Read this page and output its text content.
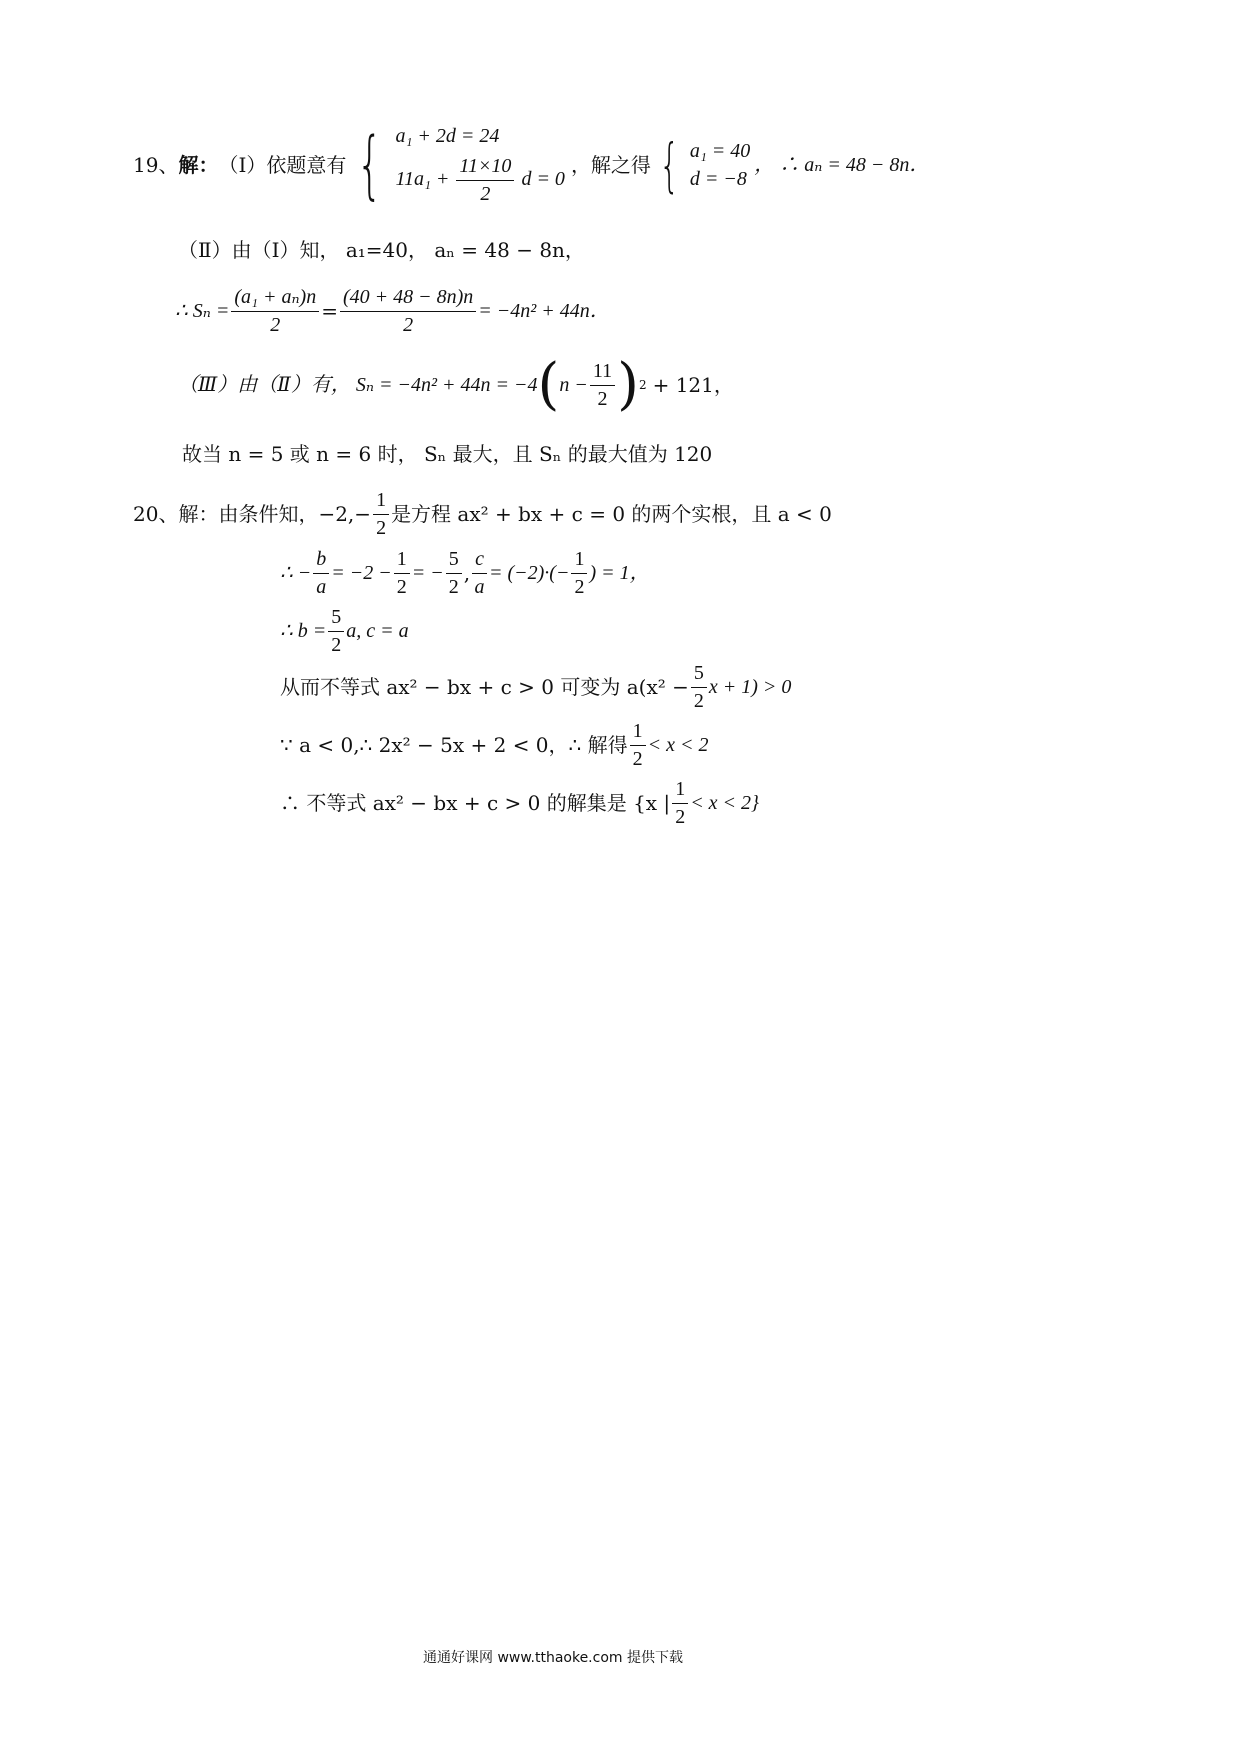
19、 解： （Ⅰ）依题意有 { a₁ + 2d = 24
$11a_1 + \frac{11\times 10}{2}$ d = 0
，解之得 { a₁ = 40
d = −8
， ∴ aₙ = 48 − 8n．
（Ⅱ）由（Ⅰ）知， a₁=40， aₙ = 48 − 8n，
∴ $S_n = \frac{\text{(a₁ + aₙ)n}}{2} = \frac{(40 + 48 - 8n)n}{2} = -4n^2 + 44n$．
（Ⅲ）由（Ⅱ）有， Sₙ = −4n² + 44n = −4 ( $n - \frac{11}{2}$ ) 2 + 121，
故当 n = 5 或 n = 6 时， Sₙ 最大，且 Sₙ 的最大值为 120
20、 解：由条件知，$-2,- \frac{1}{2}$ 是方程 ax² + bx + c = 0 的两个实根，且 a < 0
∴ − $\frac{b}{a} = -2 - \frac{1}{2}$ = − $\frac{5}{2}$ , $\frac{c}{a} = (-2)\cdot(- \frac{1}{2}$ ) = 1，
∴ $b = \frac{5}{2} a$, c = a
从而不等式 ax² − bx + c > 0 可变为 $a(x^2 - \frac{5}{2}$ x + 1) > 0
∵ a < 0,∴ 2x² − 5x + 2 < 0，∴ 解得 $\frac{1}{2} < x < 2$
∴ 不等式 ax² − bx + c > 0 的解集是 {x | $\frac{1}{2} < x < 2$}
通通好课网 www.tthaoke.com 提供下载
